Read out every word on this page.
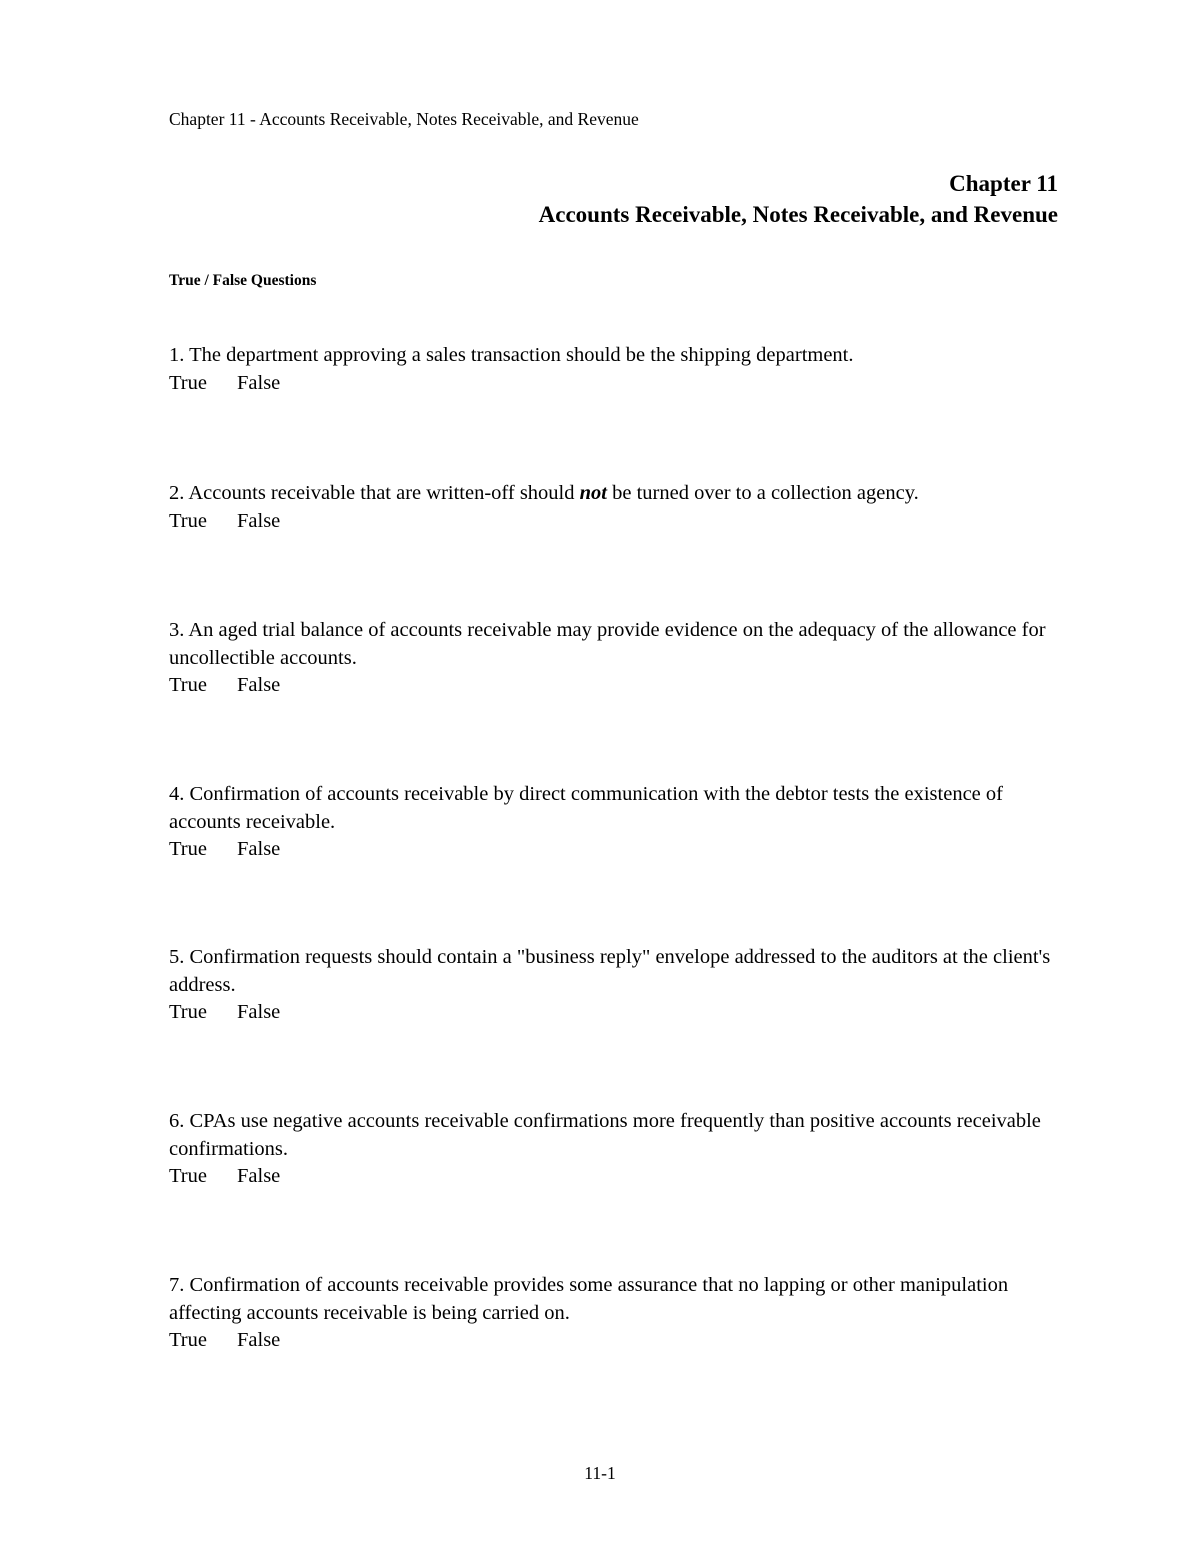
Chapter 11 - Accounts Receivable, Notes Receivable, and Revenue
Chapter 11
Accounts Receivable, Notes Receivable, and Revenue
True / False Questions
1. The department approving a sales transaction should be the shipping department.
True False
2. Accounts receivable that are written-off should not be turned over to a collection agency.
True False
3. An aged trial balance of accounts receivable may provide evidence on the adequacy of the allowance for uncollectible accounts.
True False
4. Confirmation of accounts receivable by direct communication with the debtor tests the existence of accounts receivable.
True False
5. Confirmation requests should contain a "business reply" envelope addressed to the auditors at the client's address.
True False
6. CPAs use negative accounts receivable confirmations more frequently than positive accounts receivable confirmations.
True False
7. Confirmation of accounts receivable provides some assurance that no lapping or other manipulation affecting accounts receivable is being carried on.
True False
11-1
